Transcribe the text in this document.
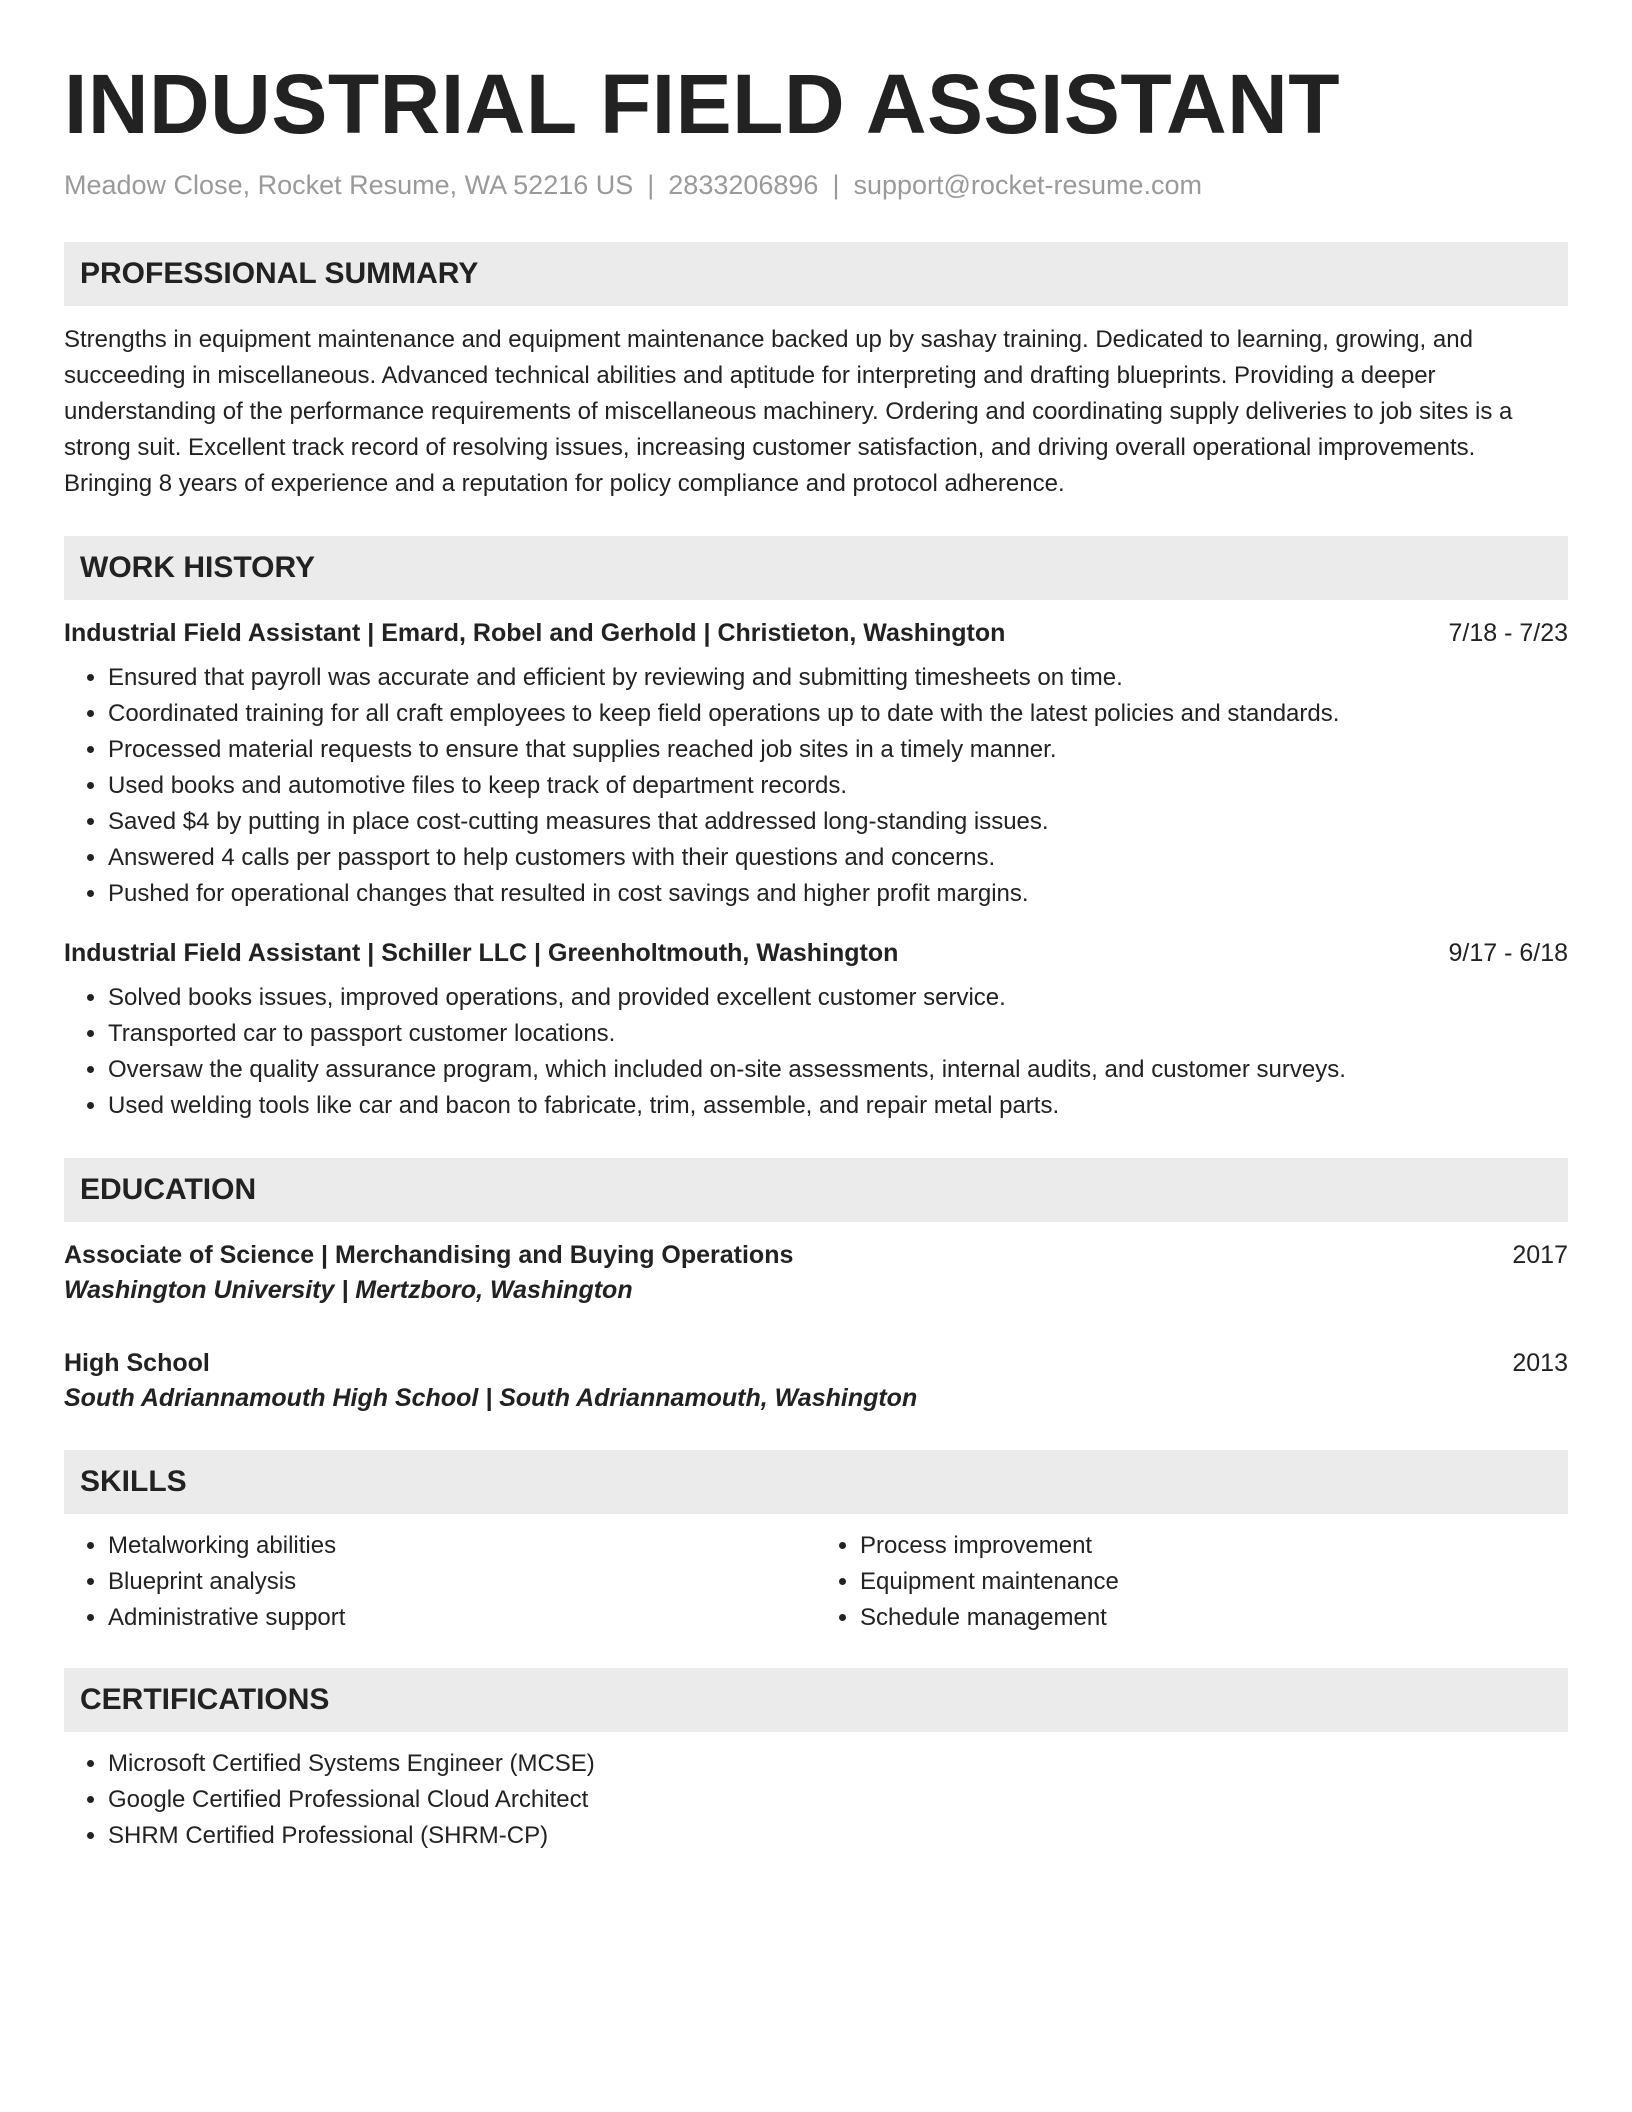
INDUSTRIAL FIELD ASSISTANT
Meadow Close, Rocket Resume, WA 52216 US | 2833206896 | support@rocket-resume.com
PROFESSIONAL SUMMARY

Strengths in equipment maintenance and equipment maintenance backed up by sashay training. Dedicated to learning, growing, and succeeding in miscellaneous. Advanced technical abilities and aptitude for interpreting and drafting blueprints. Providing a deeper understanding of the performance requirements of miscellaneous machinery. Ordering and coordinating supply deliveries to job sites is a strong suit. Excellent track record of resolving issues, increasing customer satisfaction, and driving overall operational improvements. Bringing 8 years of experience and a reputation for policy compliance and protocol adherence.

WORK HISTORY
Industrial Field Assistant | Emard, Robel and Gerhold | Christieton, Washington	7/18 - 7/23
• Ensured that payroll was accurate and efficient by reviewing and submitting timesheets on time.
• Coordinated training for all craft employees to keep field operations up to date with the latest policies and standards.
• Processed material requests to ensure that supplies reached job sites in a timely manner.
• Used books and automotive files to keep track of department records.
• Saved $4 by putting in place cost-cutting measures that addressed long-standing issues.
• Answered 4 calls per passport to help customers with their questions and concerns.
• Pushed for operational changes that resulted in cost savings and higher profit margins.
Industrial Field Assistant | Schiller LLC | Greenholtmouth, Washington	9/17 - 6/18
• Solved books issues, improved operations, and provided excellent customer service.
• Transported car to passport customer locations.
• Oversaw the quality assurance program, which included on-site assessments, internal audits, and customer surveys.
• Used welding tools like car and bacon to fabricate, trim, assemble, and repair metal parts.
EDUCATION
Associate of Science | Merchandising and Buying Operations	2017
Washington University | Mertzboro, Washington
High School	2013
South Adriannamouth High School | South Adriannamouth, Washington
SKILLS
• Metalworking abilities
• Blueprint analysis
• Administrative support
• Process improvement
• Equipment maintenance
• Schedule management
CERTIFICATIONS
• Microsoft Certified Systems Engineer (MCSE)
• Google Certified Professional Cloud Architect
• SHRM Certified Professional (SHRM-CP)
